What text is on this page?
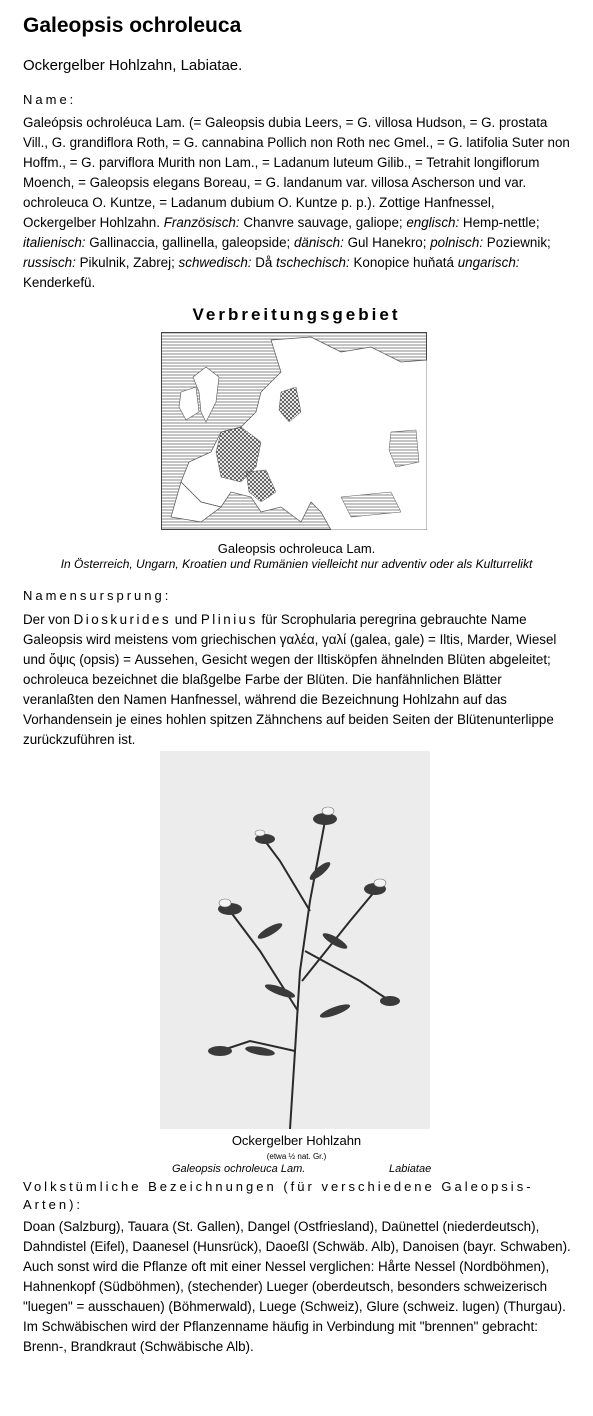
Galeopsis ochroleuca
Ockergelber Hohlzahn, Labiatae.
Name:
Galeópsis ochroléuca Lam. (= Galeopsis dubia Leers, = G. villosa Hudson, = G. prostata Vill., G. grandiflora Roth, = G. cannabina Pollich non Roth nec Gmel., = G. latifolia Suter non Hoffm., = G. parviflora Murith non Lam., = Ladanum luteum Gilib., = Tetrahit longiflorum Moench, = Galeopsis elegans Boreau, = G. landanum var. villosa Ascherson und var. ochroleuca O. Kuntze, = Ladanum dubium O. Kuntze p. p.). Zottige Hanfnessel, Ockergelber Hohlzahn. Französisch: Chanvre sauvage, galiope; englisch: Hemp-nettle; italienisch: Gallinaccia, gallinella, galeopside; dänisch: Gul Hanekro; polnisch: Poziewnik; russisch: Pikulnik, Zabrej; schwedisch: Då tschechisch: Konopice huňatá ungarisch: Kenderkefü.
Verbreitungsgebiet
Galeopsis ochroleuca Lam.
In Österreich, Ungarn, Kroatien und Rumänien vielleicht nur adventiv oder als Kulturrelikt
Namensursprung:
Der von Dioskurides und Plinius für Scrophularia peregrina gebrauchte Name Galeopsis wird meistens vom griechischen γαλέα, γαλί (galea, gale) = Iltis, Marder, Wiesel und ὄψις (opsis) = Aussehen, Gesicht wegen der Iltisköpfen ähnelnden Blüten abgeleitet; ochroleuca bezeichnet die blaßgelbe Farbe der Blüten. Die hanfähnlichen Blätter veranlaßten den Namen Hanfnessel, während die Bezeichnung Hohlzahn auf das Vorhandensein je eines hohlen spitzen Zähnchens auf beiden Seiten der Blütenunterlippe zurückzuführen ist.
Ockergelber Hohlzahn
(etwa ½ nat. Gr.)
Galeopsis ochroleuca Lam.	Labiatae
Volkstümliche Bezeichnungen (für verschiedene Galeopsis-Arten):
Doan (Salzburg), Tauara (St. Gallen), Dangel (Ostfriesland), Daünettel (niederdeutsch), Dahndistel (Eifel), Daanesel (Hunsrück), Daoeßl (Schwäb. Alb), Danoisen (bayr. Schwaben). Auch sonst wird die Pflanze oft mit einer Nessel verglichen: Hårte Nessel (Nordböhmen), Hahnenkopf (Südböhmen), (stechender) Lueger (oberdeutsch, besonders schweizerisch "luegen" = ausschauen) (Böhmerwald), Luege (Schweiz), Glure (schweiz. lugen) (Thurgau). Im Schwäbischen wird der Pflanzenname häufig in Verbindung mit "brennen" gebracht: Brenn-, Brandkraut (Schwäbische Alb).
